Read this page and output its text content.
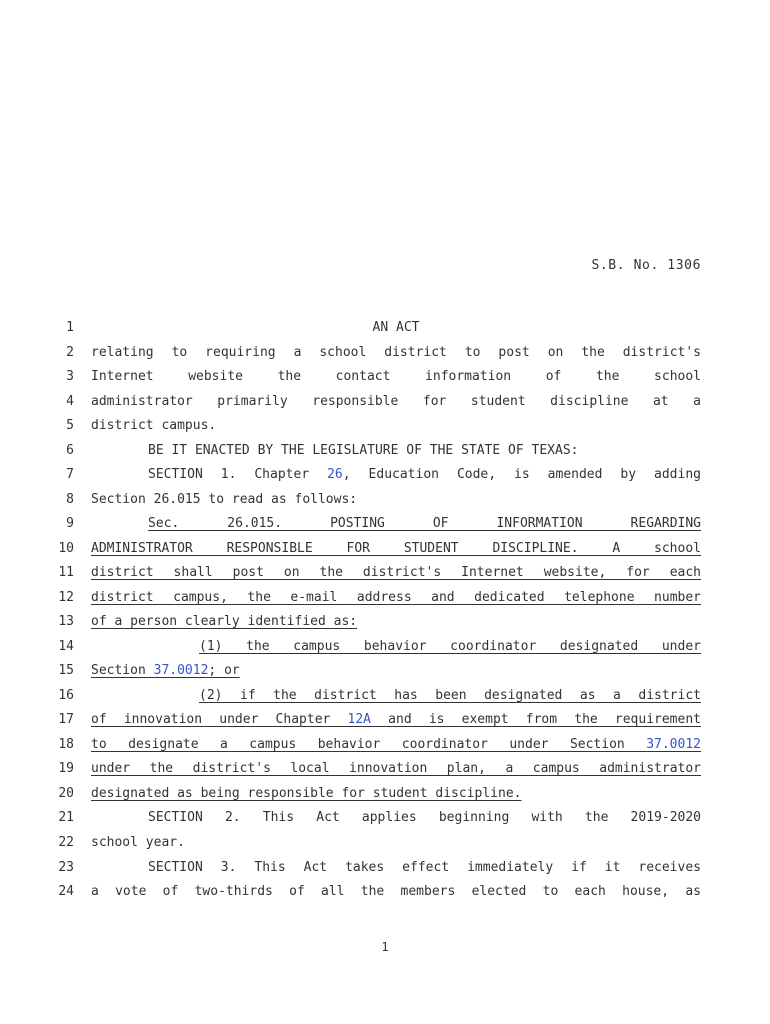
S.B. No. 1306
1	AN ACT
2 relating to requiring a school district to post on the district's
3 Internet website the contact information of the school
4 administrator primarily responsible for student discipline at a
5 district campus.
6	BE IT ENACTED BY THE LEGISLATURE OF THE STATE OF TEXAS:
7	SECTION 1. Chapter 26, Education Code, is amended by adding
8 Section 26.015 to read as follows:
9	Sec. 26.015. POSTING OF INFORMATION REGARDING
10 ADMINISTRATOR RESPONSIBLE FOR STUDENT DISCIPLINE. A school
11 district shall post on the district's Internet website, for each
12 district campus, the e-mail address and dedicated telephone number
13 of a person clearly identified as:
14	(1) the campus behavior coordinator designated under
15 Section 37.0012; or
16	(2) if the district has been designated as a district
17 of innovation under Chapter 12A and is exempt from the requirement
18 to designate a campus behavior coordinator under Section 37.0012
19 under the district's local innovation plan, a campus administrator
20 designated as being responsible for student discipline.
21	SECTION 2. This Act applies beginning with the 2019-2020
22 school year.
23	SECTION 3. This Act takes effect immediately if it receives
24 a vote of two-thirds of all the members elected to each house, as
1
